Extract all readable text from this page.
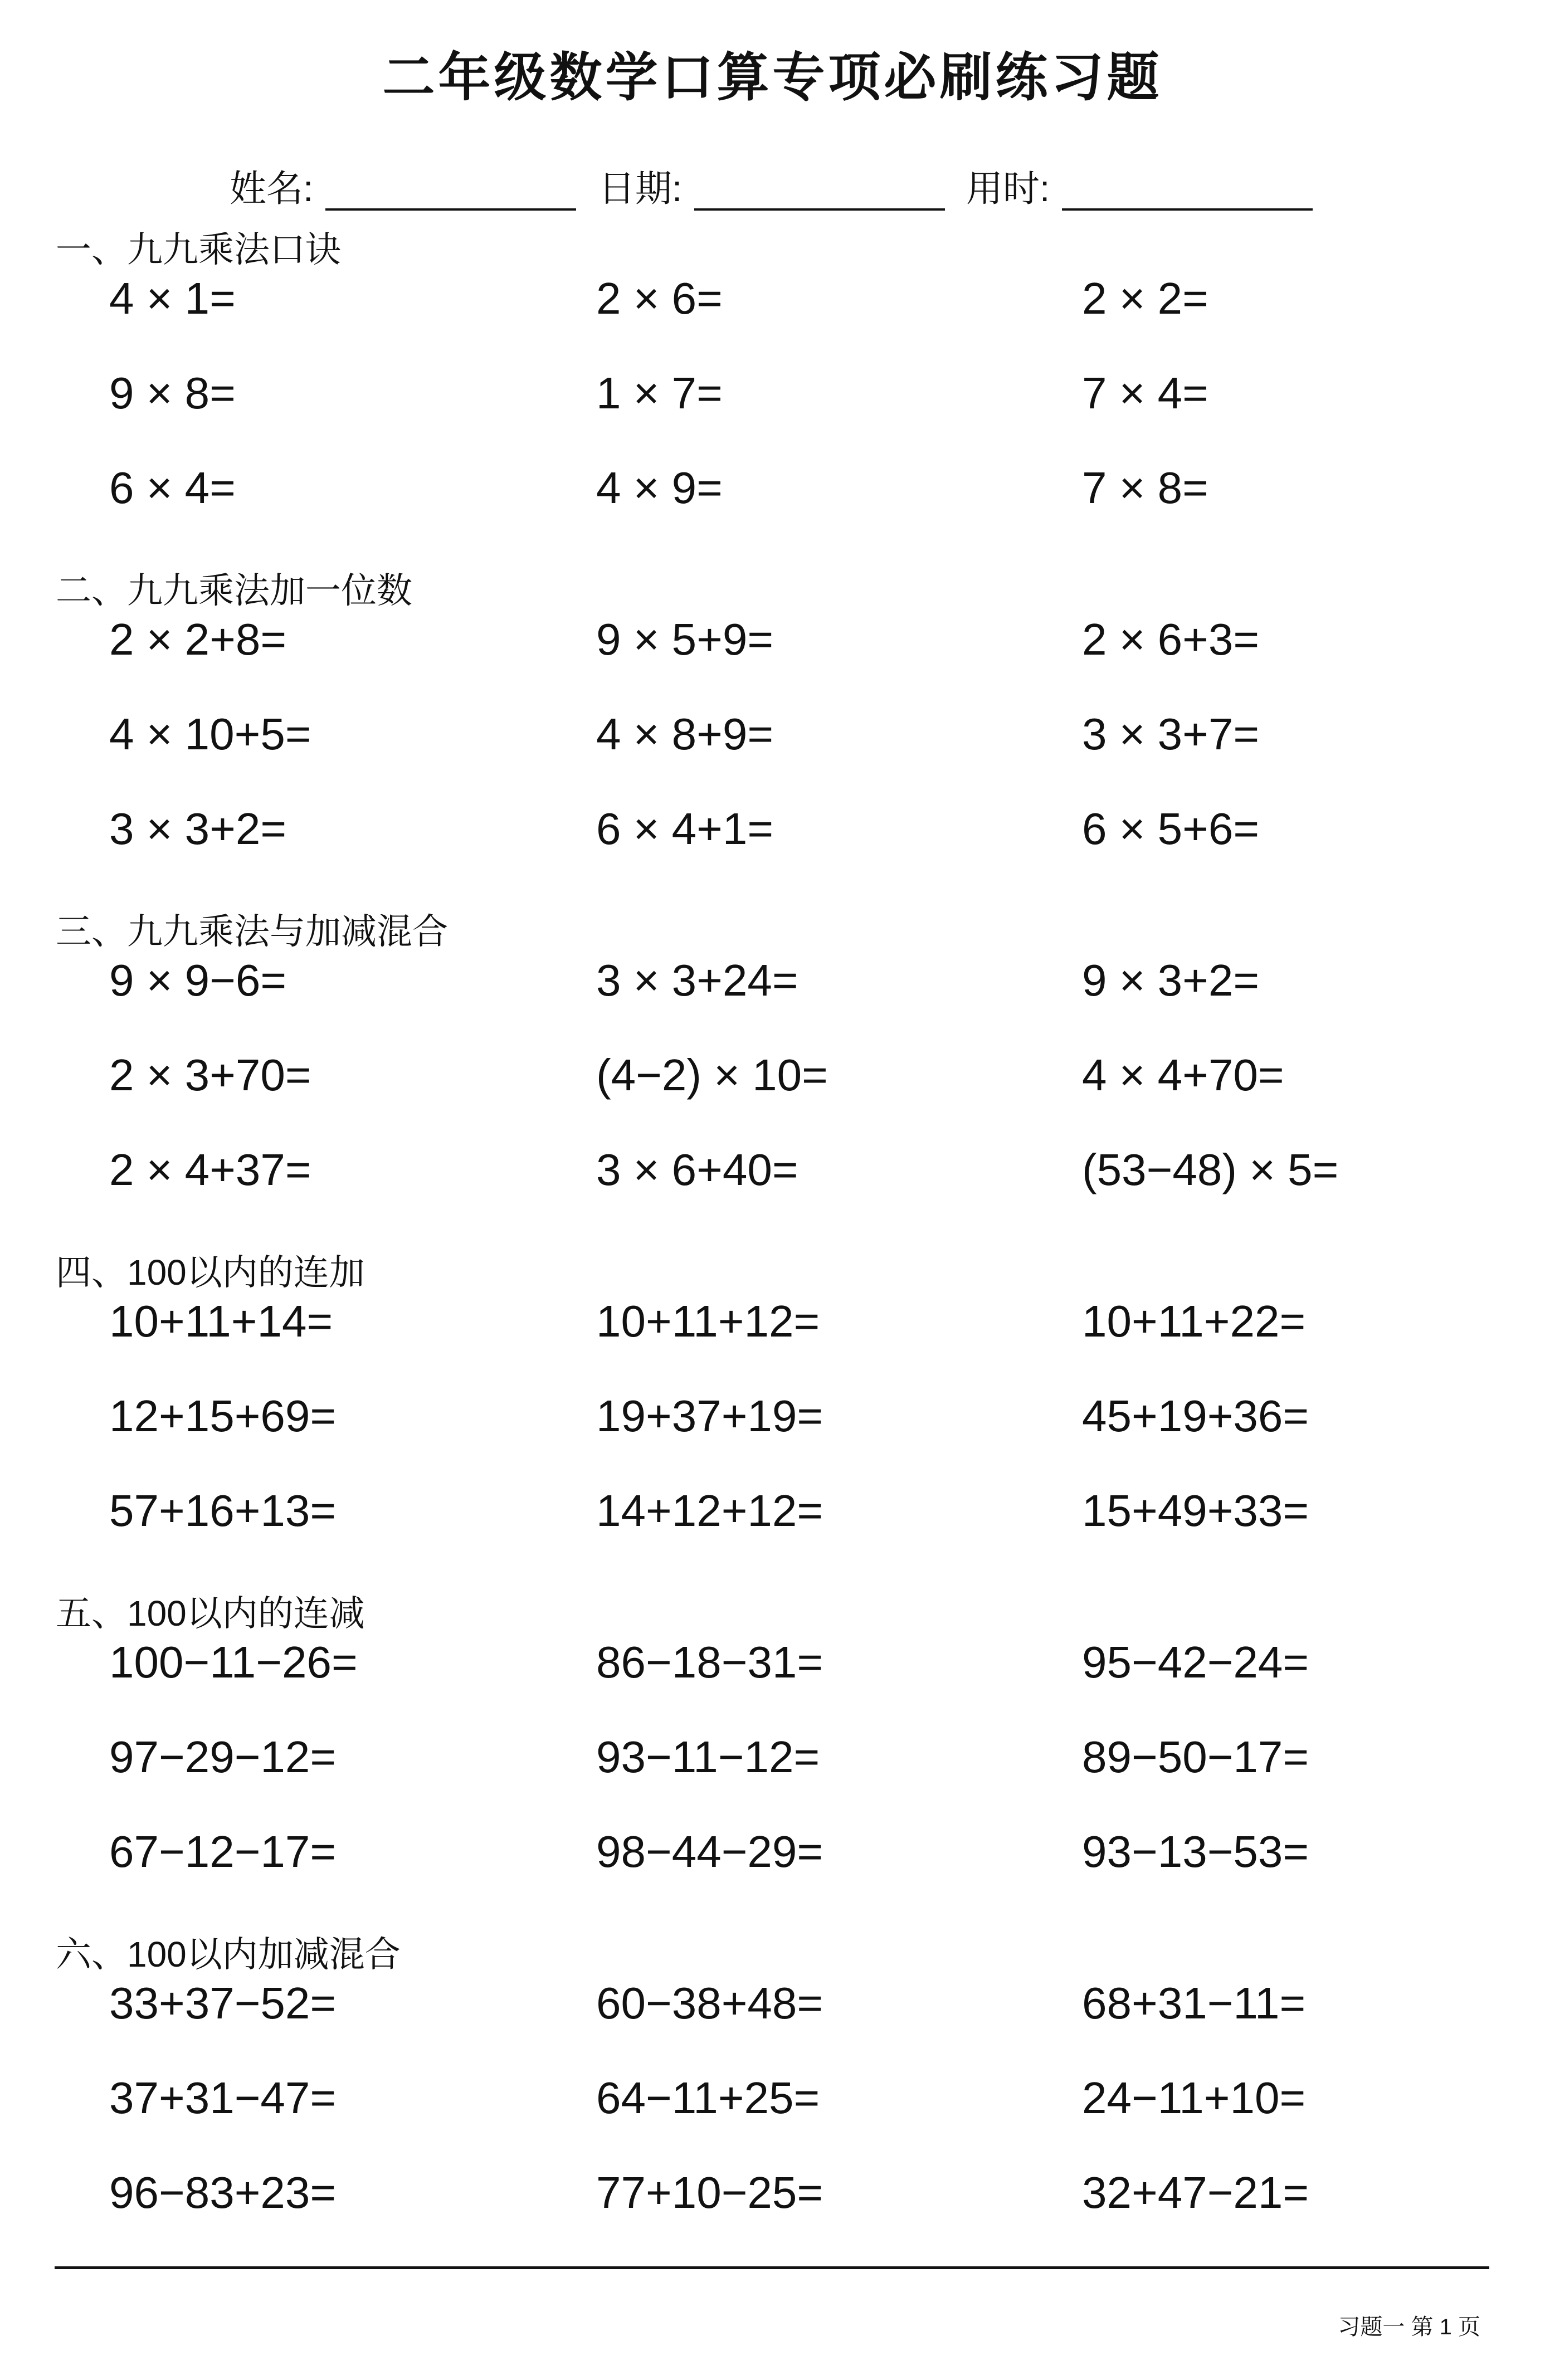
二年级数学口算专项必刷练习题
姓名:	日期:	用时:
一、九九乘法口诀
4 × 1=	2 × 6=	2 × 2=
9 × 8=	1 × 7=	7 × 4=
6 × 4=	4 × 9=	7 × 8=
二、九九乘法加一位数
2 × 2+8=	9 × 5+9=	2 × 6+3=
4 × 10+5=	4 × 8+9=	3 × 3+7=
3 × 3+2=	6 × 4+1=	6 × 5+6=
三、九九乘法与加减混合
9 × 9−6=	3 × 3+24=	9 × 3+2=
2 × 3+70=	(4−2) × 10=	4 × 4+70=
2 × 4+37=	3 × 6+40=	(53−48) × 5=
四、100以内的连加
10+11+14=	10+11+12=	10+11+22=
12+15+69=	19+37+19=	45+19+36=
57+16+13=	14+12+12=	15+49+33=
五、100以内的连减
100−11−26=	86−18−31=	95−42−24=
97−29−12=	93−11−12=	89−50−17=
67−12−17=	98−44−29=	93−13−53=
六、100以内加减混合
33+37−52=	60−38+48=	68+31−11=
37+31−47=	64−11+25=	24−11+10=
96−83+23=	77+10−25=	32+47−21=
习题一 第 1 页
